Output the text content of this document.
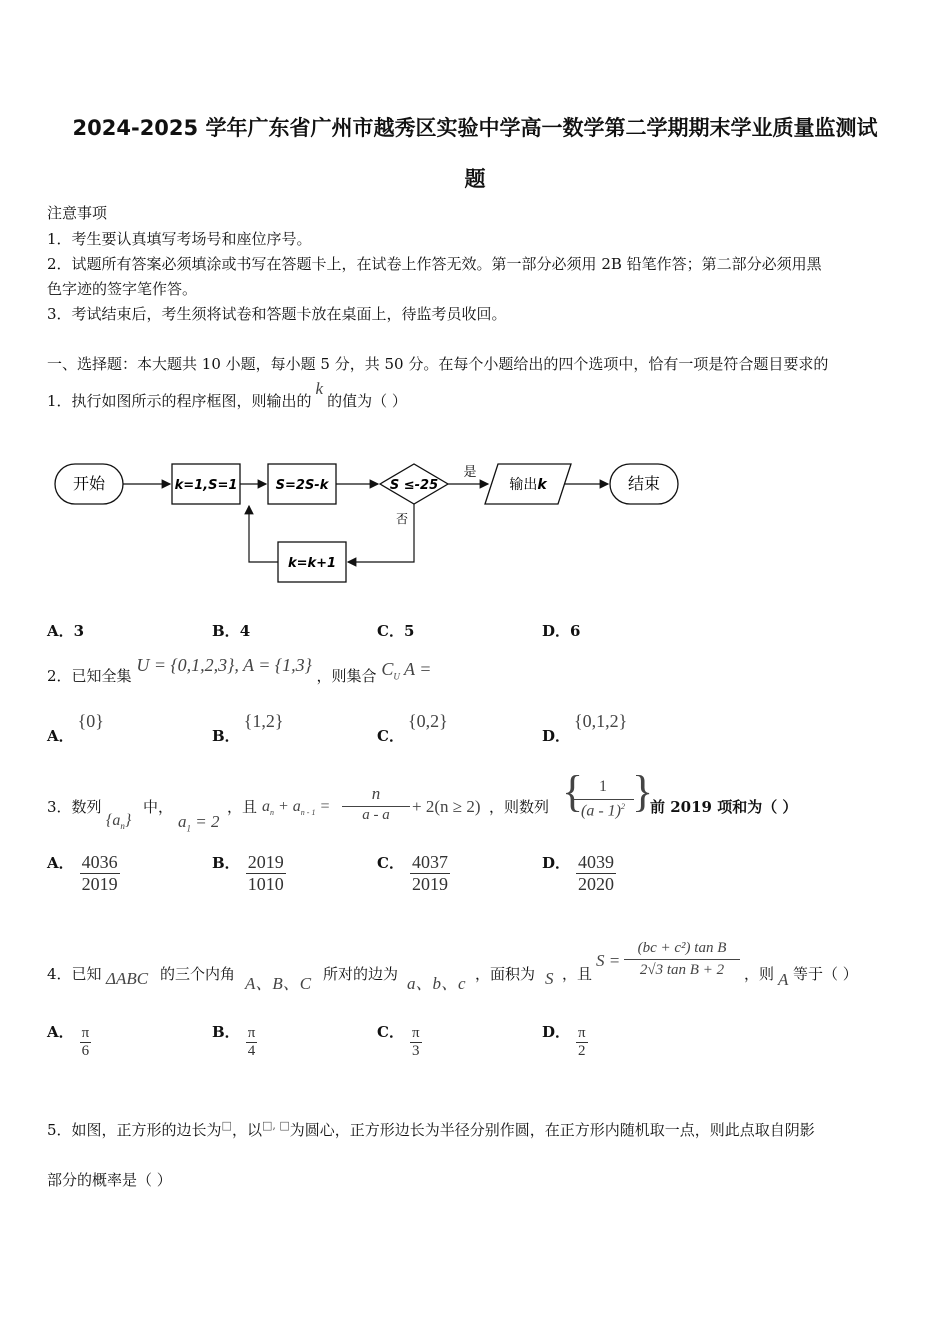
2024-2025 学年广东省广州市越秀区实验中学高一数学第二学期期末学业质量监测试
题
注意事项
1．考生要认真填写考场号和座位序号。
2．试题所有答案必须填涂或书写在答题卡上，在试卷上作答无效。第一部分必须用 2B 铅笔作答；第二部分必须用黑
色字迹的签字笔作答。
3．考试结束后，考生须将试卷和答题卡放在桌面上，待监考员收回。
一、选择题：本大题共 10 小题，每小题 5 分，共 50 分。在每个小题给出的四个选项中，恰有一项是符合题目要求的
1．执行如图所示的程序框图，则输出的k的值为（ ）
开始	k=1,S=1	S=2S-k	S ≤-25
是
输出k	结束
否
k=k+1
A．3	B．4	C．5	D．6
2．已知全集 U = {0,1,2,3}, A = {1,3} ，则集合 $C_U$ A =
A．{0}
B．{1,2}
C．{0,2}
D．{0,1,2}
3．数列
$\{a_n\}$
中，
$a_1 = 2$
，且 $a_n + a_{n - 1}$ =
n
a - a	+ 2(n ≥ 2) ，则数列 { 1
(a - 1)$^2$ }
前 2019 项和为（ ）
A． $\frac{4036}{2019}$	B． $\frac{2019}{1010}$	C． $\frac{4037}{2019}$	D． $\frac{4039}{2020}$
4．已知 ΔABC 的三个内角 A、B、C 所对的边为 a、b、c ，面积为 S ，且
S =
(bc + c²) tan B
2√3 tan B + 2	，则 A 等于（ ）
A． $\frac{\pi}{6}$	B． $\frac{\pi}{4}$	C． $\frac{\pi}{3}$	D． $\frac{\pi}{2}$
5．如图，正方形的边长为□，以□, □为圆心，正方形边长为半径分别作圆，在正方形内随机取一点，则此点取自阴影
部分的概率是（ ）
